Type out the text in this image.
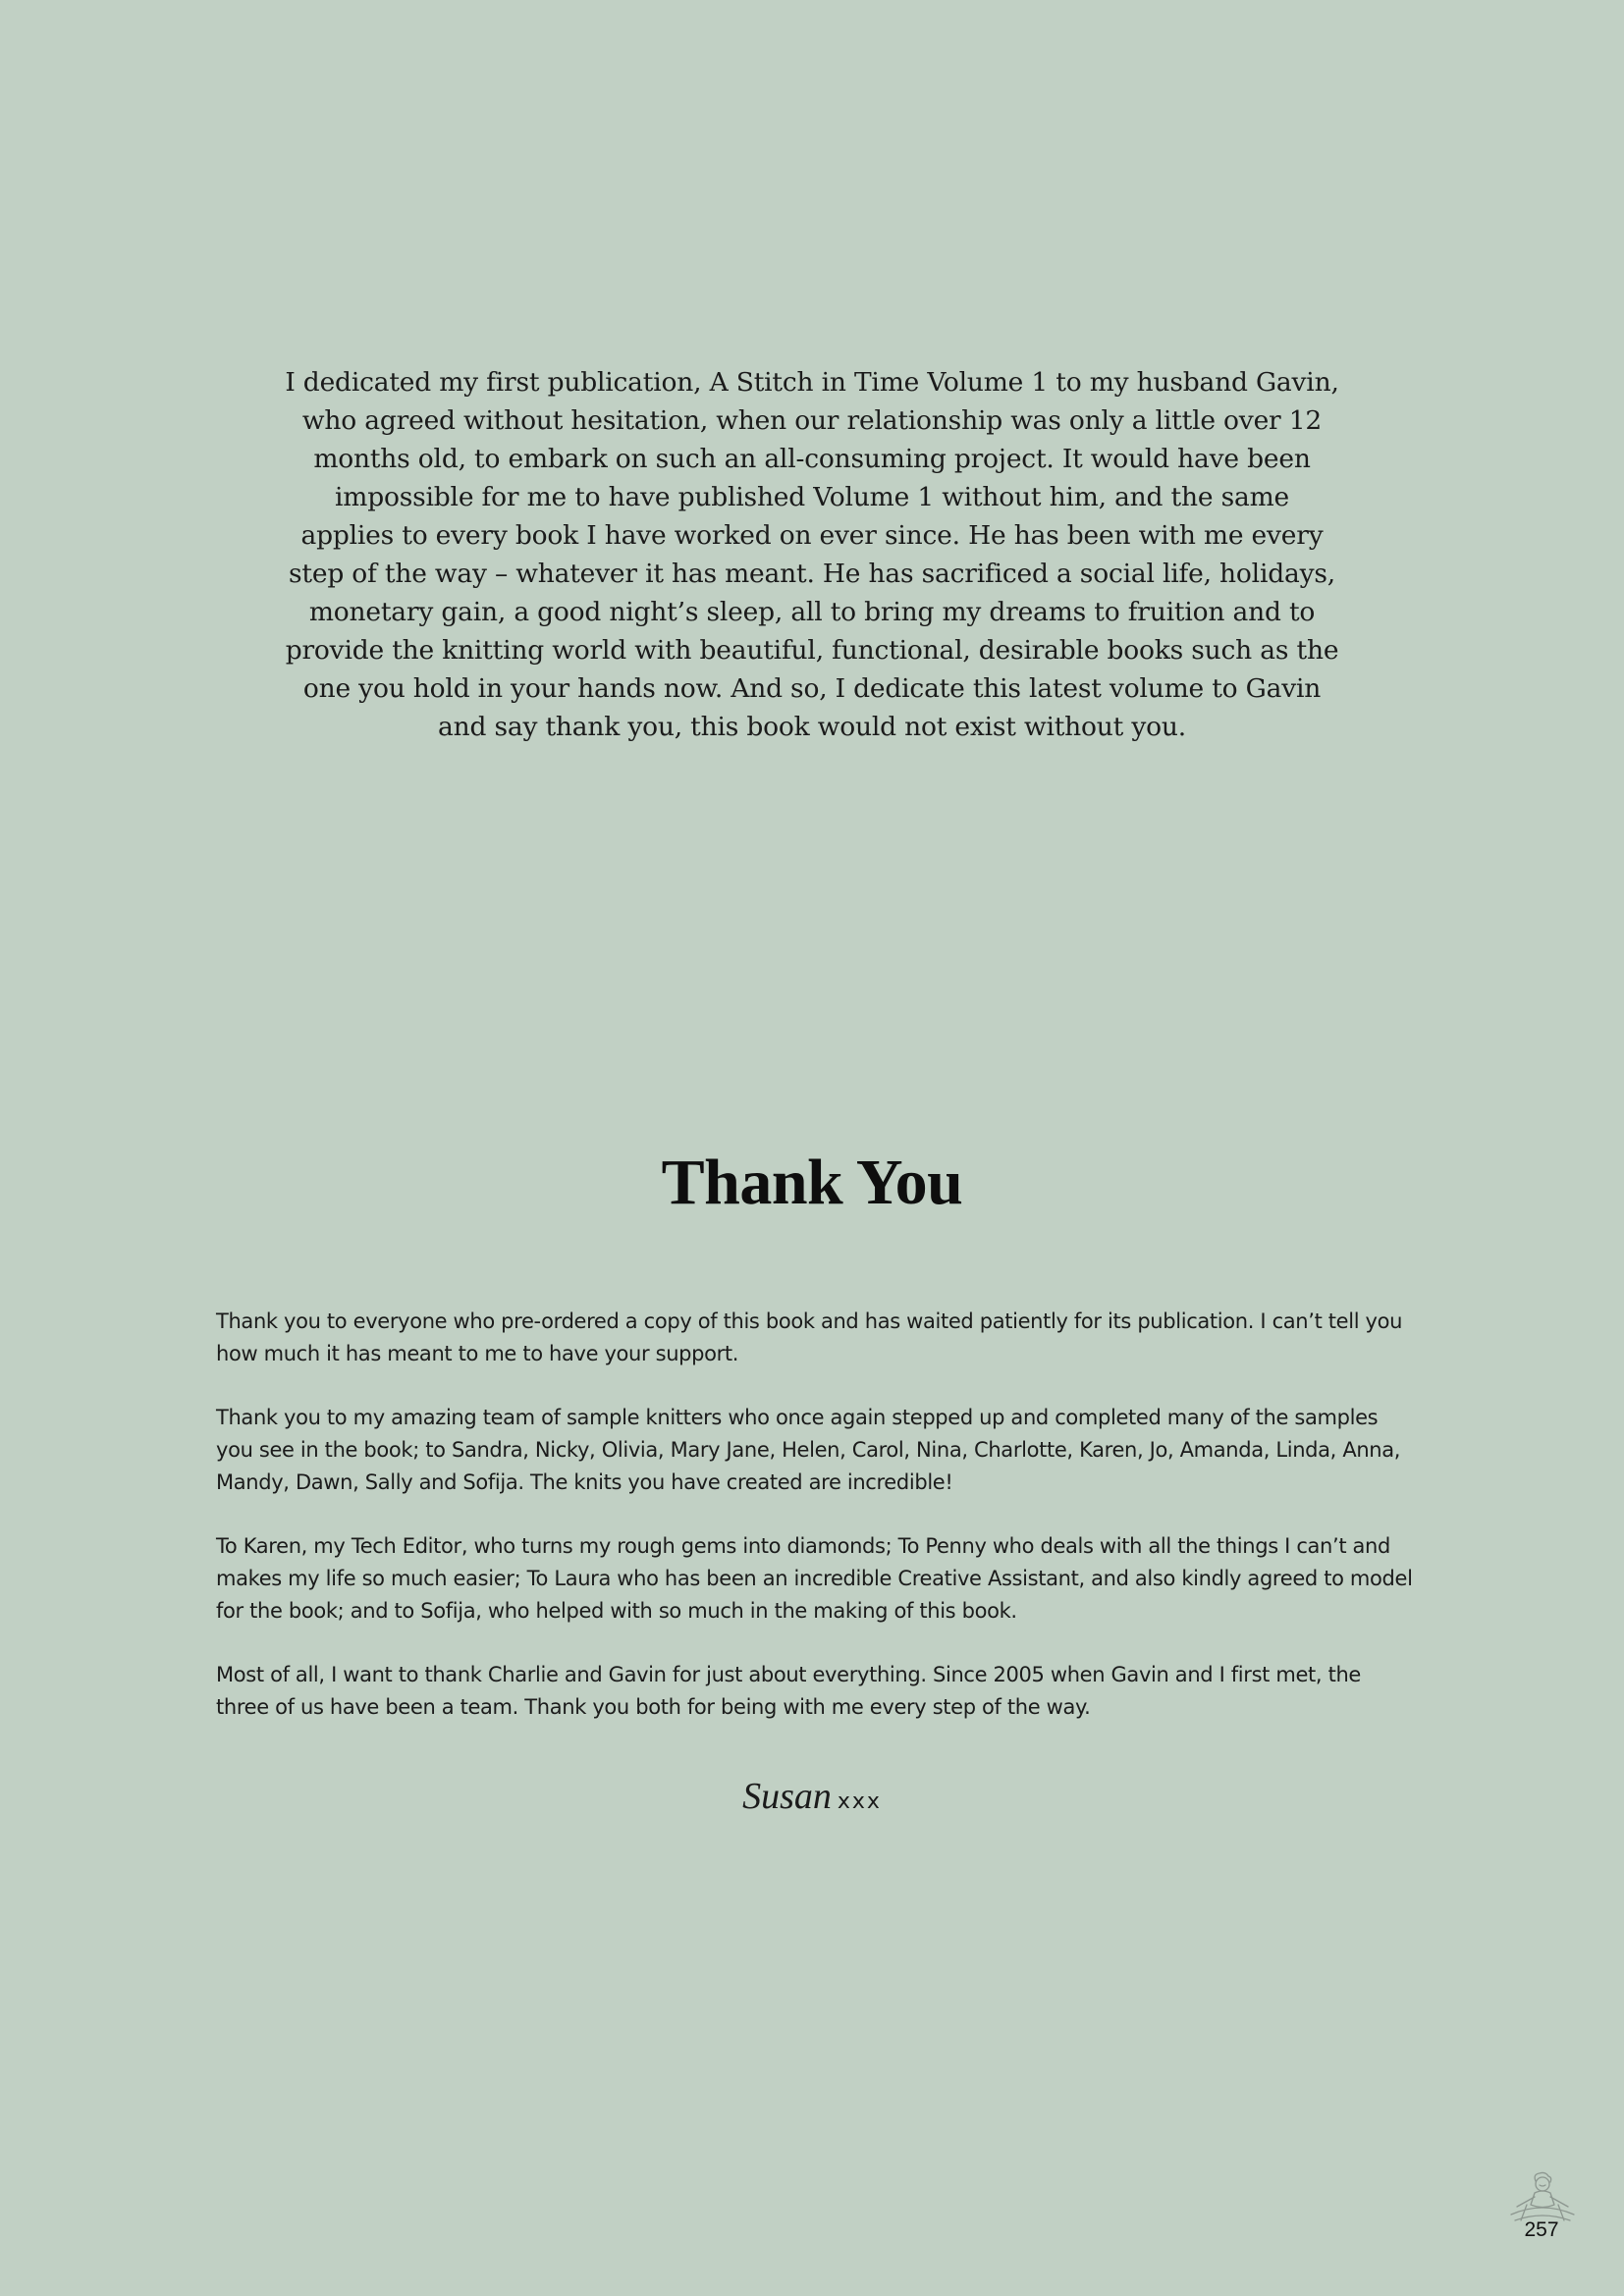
I dedicated my first publication, A Stitch in Time Volume 1 to my husband Gavin, who agreed without hesitation, when our relationship was only a little over 12 months old, to embark on such an all-consuming project. It would have been impossible for me to have published Volume 1 without him, and the same applies to every book I have worked on ever since. He has been with me every step of the way – whatever it has meant. He has sacrificed a social life, holidays, monetary gain, a good night’s sleep, all to bring my dreams to fruition and to provide the knitting world with beautiful, functional, desirable books such as the one you hold in your hands now. And so, I dedicate this latest volume to Gavin and say thank you, this book would not exist without you.

Thank You

Thank you to everyone who pre-ordered a copy of this book and has waited patiently for its publication. I can’t tell you how much it has meant to me to have your support.

Thank you to my amazing team of sample knitters who once again stepped up and completed many of the samples you see in the book; to Sandra, Nicky, Olivia, Mary Jane, Helen, Carol, Nina, Charlotte, Karen, Jo, Amanda, Linda, Anna, Mandy, Dawn, Sally and Sofija. The knits you have created are incredible!

To Karen, my Tech Editor, who turns my rough gems into diamonds; To Penny who deals with all the things I can’t and makes my life so much easier; To Laura who has been an incredible Creative Assistant, and also kindly agreed to model for the book; and to Sofija, who helped with so much in the making of this book.

Most of all, I want to thank Charlie and Gavin for just about everything. Since 2005 when Gavin and I first met, the three of us have been a team. Thank you both for being with me every step of the way.

Susan xxx

257
